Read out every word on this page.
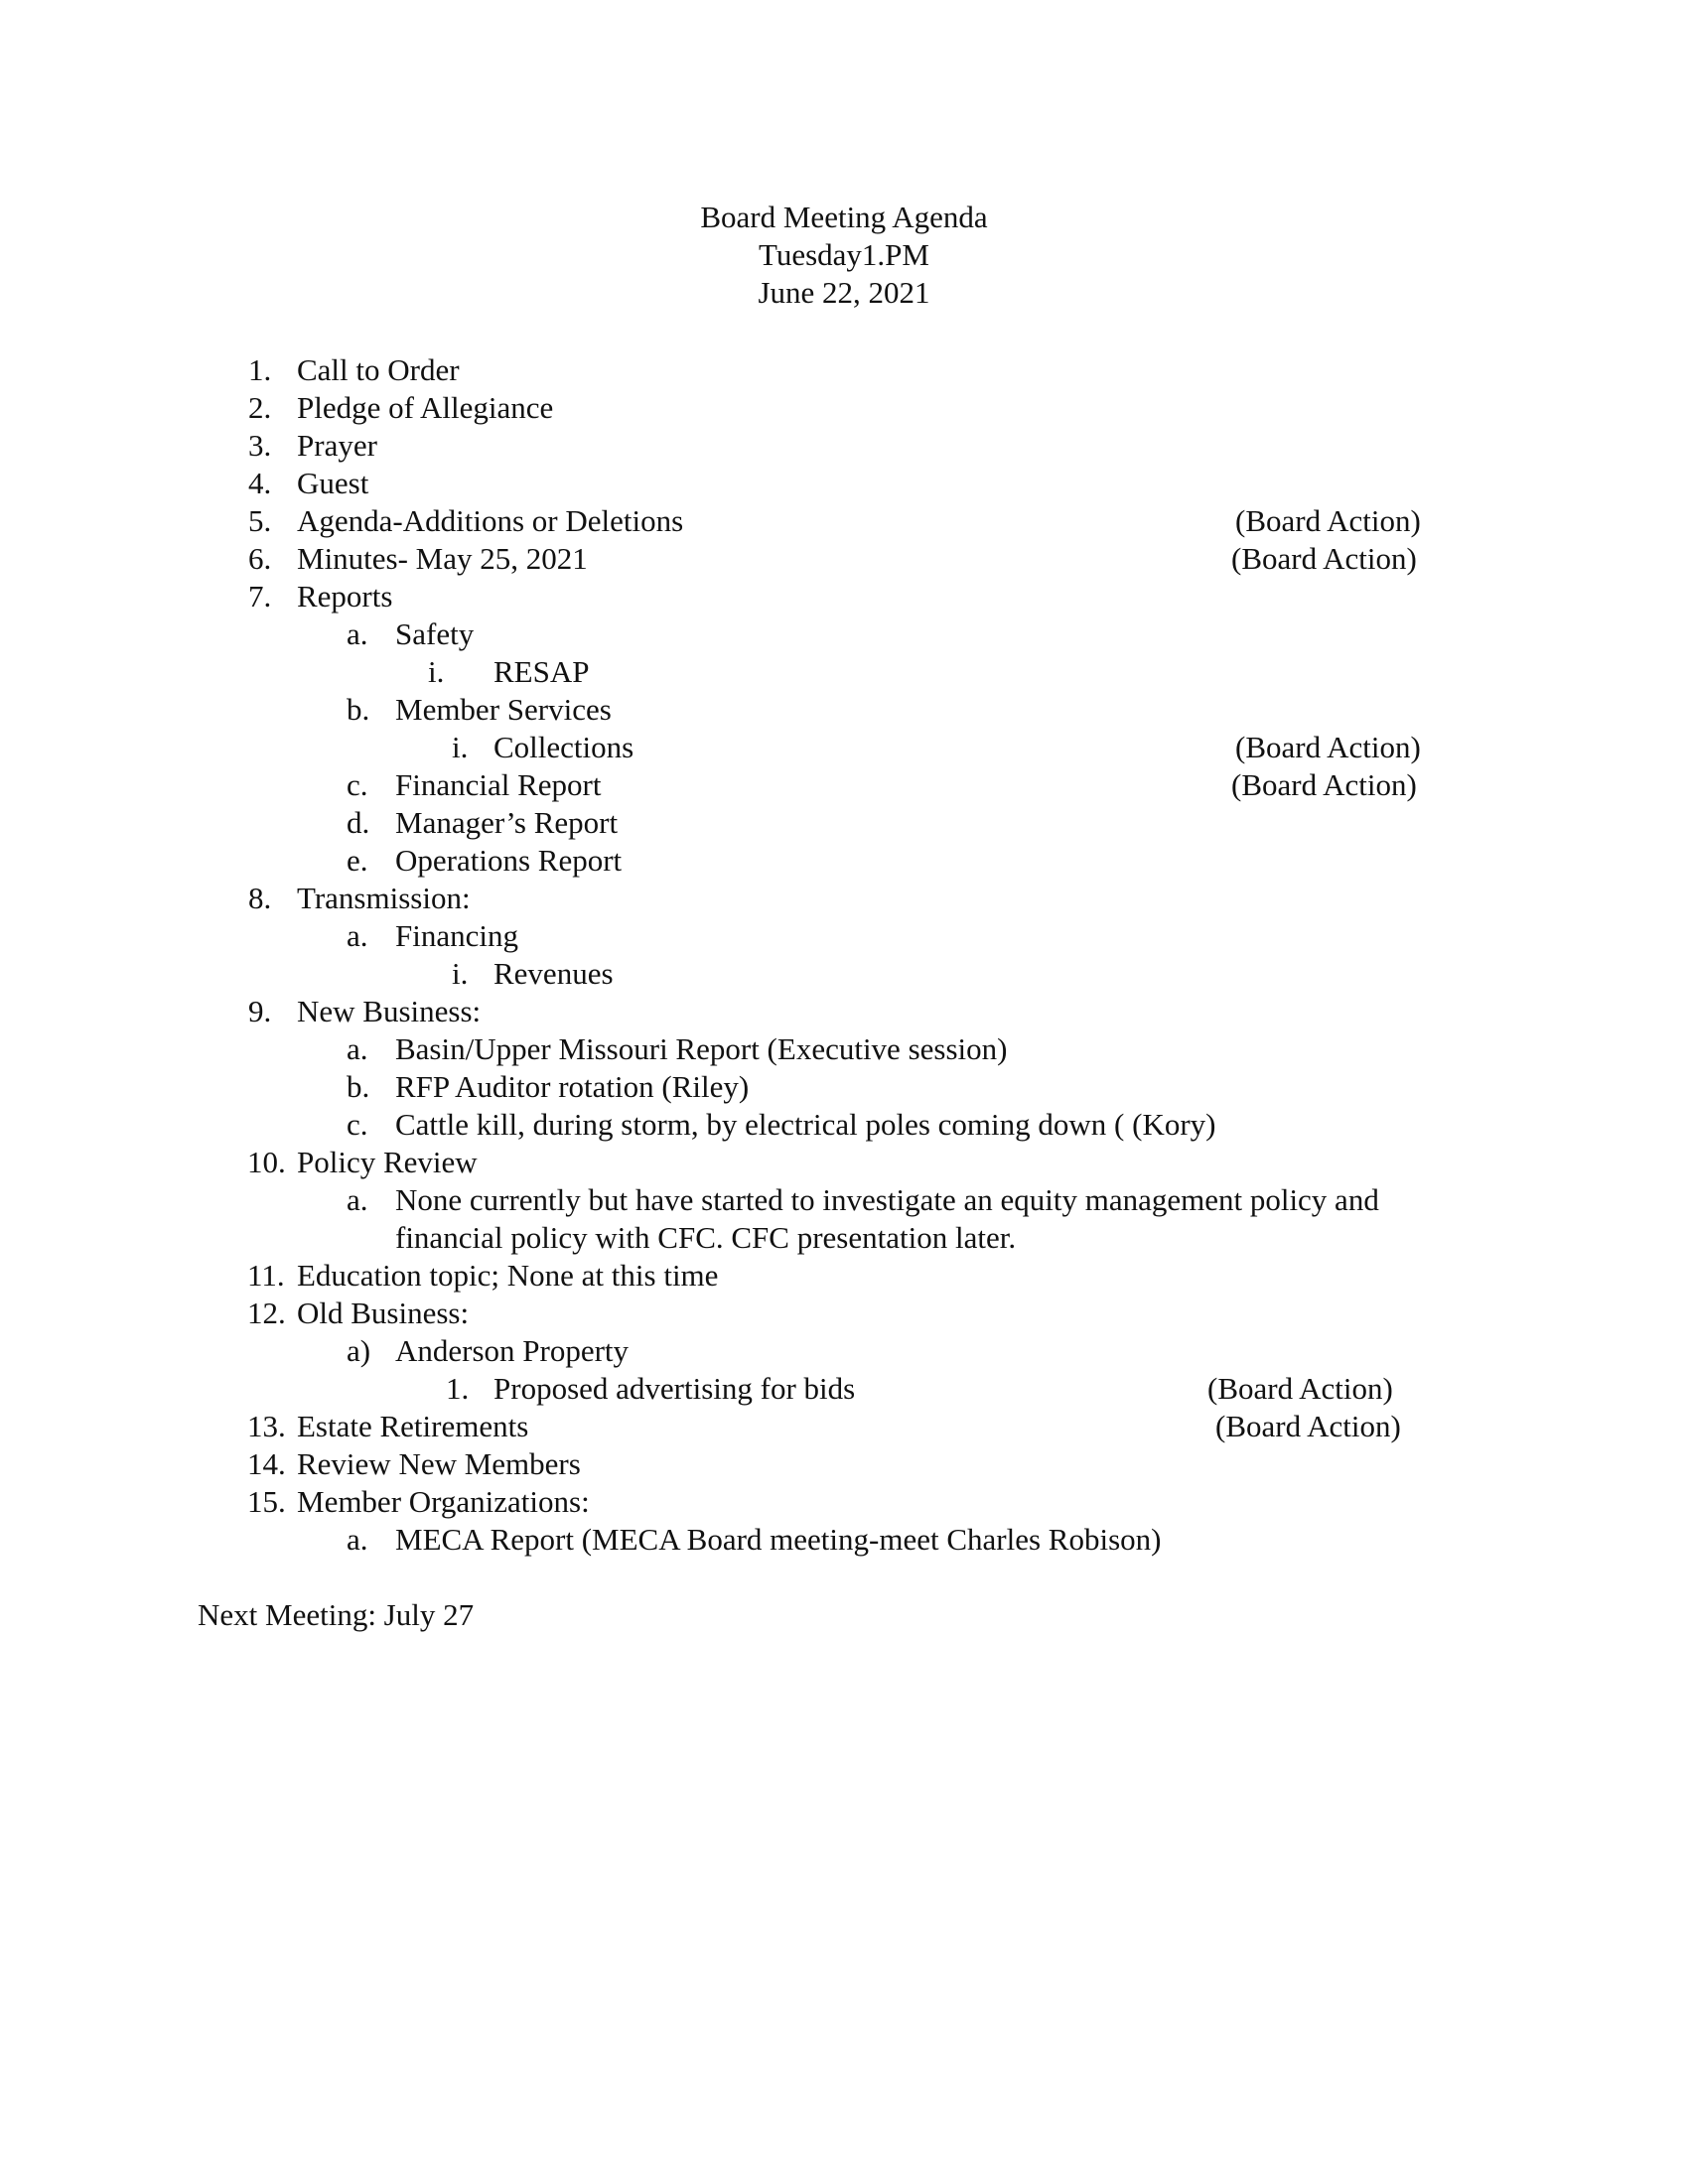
Board Meeting Agenda
Tuesday1.PM
June 22, 2021
1. Call to Order
2. Pledge of Allegiance
3. Prayer
4. Guest
5. Agenda-Additions or Deletions	(Board Action)
6. Minutes- May 25, 2021	(Board Action)
7. Reports
a. Safety
i. RESAP
b. Member Services
i. Collections	(Board Action)
c. Financial Report	(Board Action)
d. Manager’s Report
e. Operations Report
8. Transmission:
a. Financing
i. Revenues
9. New Business:
a. Basin/Upper Missouri Report (Executive session)
b. RFP Auditor rotation (Riley)
c. Cattle kill, during storm, by electrical poles coming down ( (Kory)
10. Policy Review
a. None currently but have started to investigate an equity management policy and
financial policy with CFC. CFC presentation later.
11. Education topic; None at this time
12. Old Business:
a) Anderson Property
1. Proposed advertising for bids	(Board Action)
13. Estate Retirements	(Board Action)
14. Review New Members
15. Member Organizations:
a. MECA Report (MECA Board meeting-meet Charles Robison)
Next Meeting: July 27
